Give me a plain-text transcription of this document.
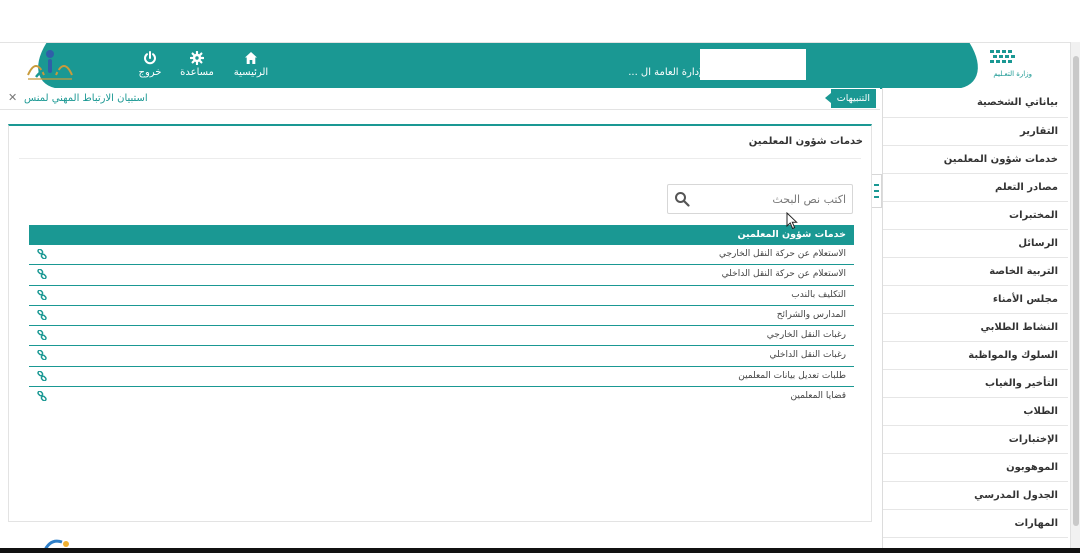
خروج	مساعدة	الرئيسية	البنين - الإدارة العامة ال ...	وزارة التعـليم
✕ استبيان الارتباط المهني لمنس	التنبيهات	بياناتي الشخصية
التقارير
خدمات شؤون المعلمين
مصادر التعلم
المختبرات
الرسائل
التربية الخاصة
مجلس الأمناء
النشاط الطلابي
السلوك والمواظبة
التأخير والغياب
الطلاب
الإختبارات
الموهوبون
الجدول المدرسي
المهارات
خدمات شؤون المعلمين
اكتب نص البحث
خدمات شؤون المعلمين
الاستعلام عن حركة النقل الخارجي
الاستعلام عن حركة النقل الداخلي
التكليف بالندب
المدارس والشرائح
رغبات النقل الخارجي
رغبات النقل الداخلي
طلبات تعديل بيانات المعلمين
قضايا المعلمين
